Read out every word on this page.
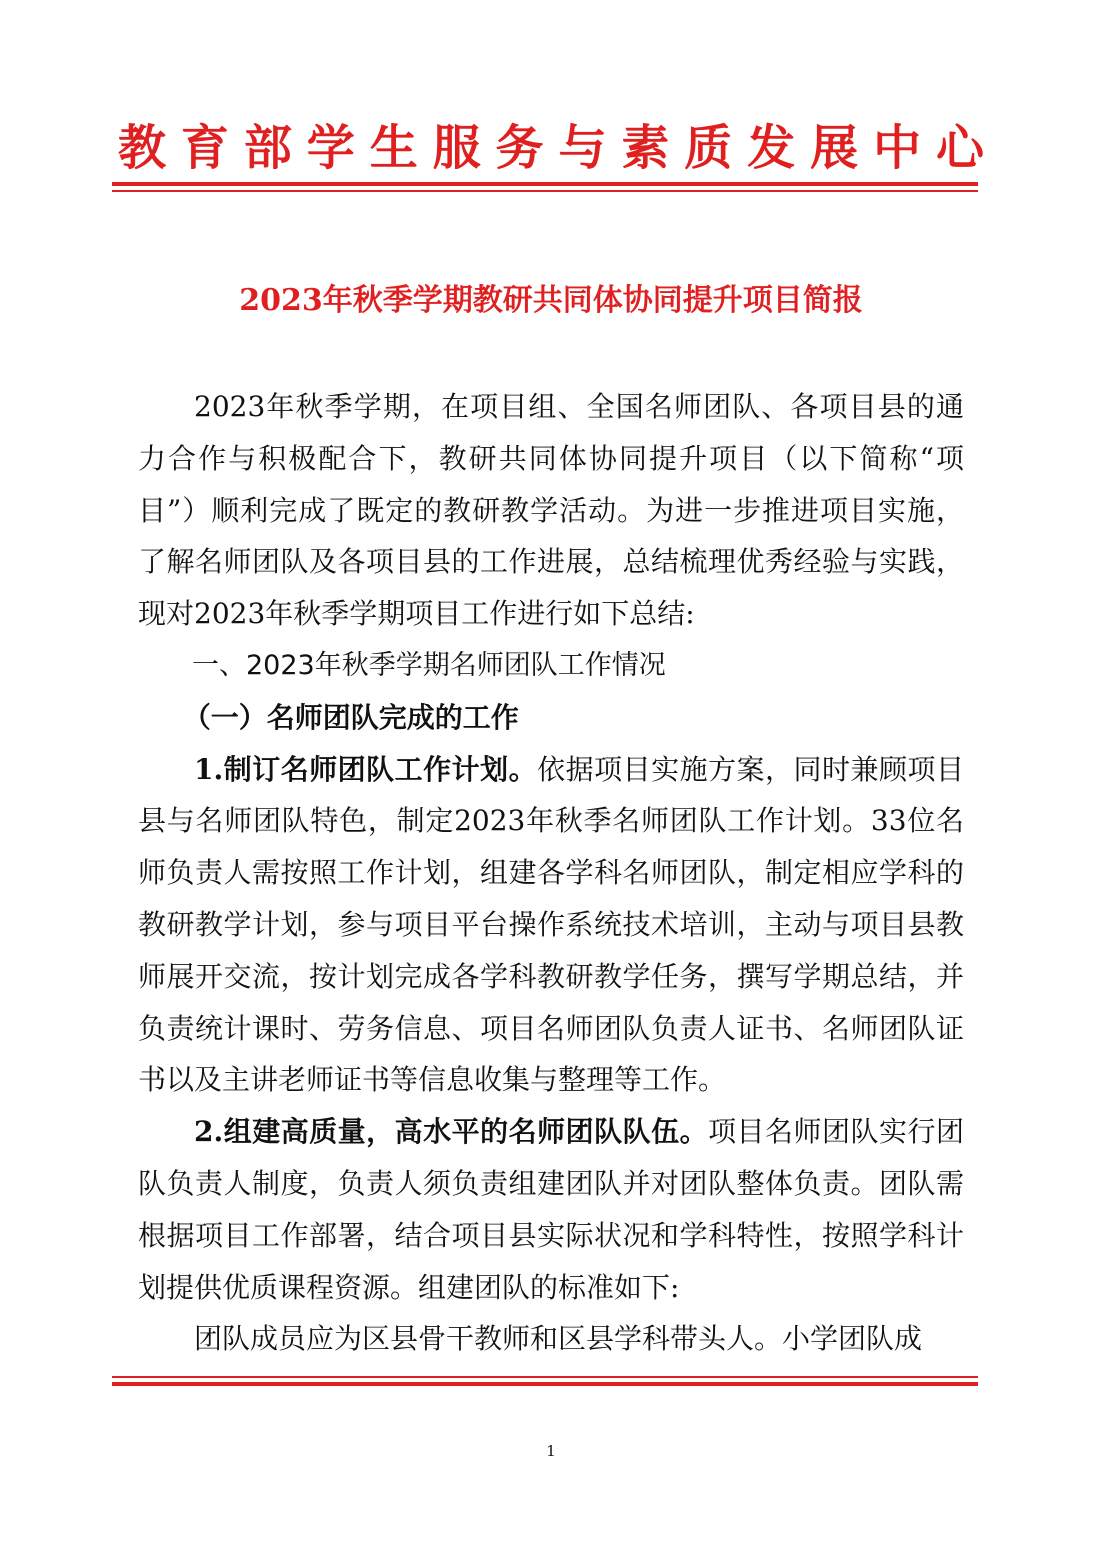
教 育 部 学 生 服 务 与 素 质 发 展 中 心
2023年秋季学期教研共同体协同提升项目简报

2023年秋季学期，在项目组、全国名师团队、各项目县的通力合作与积极配合下，教研共同体协同提升项目（以下简称“项目”）顺利完成了既定的教研教学活动。为进一步推进项目实施，了解名师团队及各项目县的工作进展，总结梳理优秀经验与实践，现对2023年秋季学期项目工作进行如下总结:

一、2023年秋季学期名师团队工作情况

（一）名师团队完成的工作

1.制订名师团队工作计划。依据项目实施方案，同时兼顾项目县与名师团队特色，制定2023年秋季名师团队工作计划。33位名师负责人需按照工作计划，组建各学科名师团队，制定相应学科的教研教学计划，参与项目平台操作系统技术培训，主动与项目县教师展开交流，按计划完成各学科教研教学任务，撰写学期总结，并负责统计课时、劳务信息、项目名师团队负责人证书、名师团队证书以及主讲老师证书等信息收集与整理等工作。

2.组建高质量，高水平的名师团队队伍。项目名师团队实行团队负责人制度，负责人须负责组建团队并对团队整体负责。团队需根据项目工作部署，结合项目县实际状况和学科特性，按照学科计划提供优质课程资源。组建团队的标准如下:

团队成员应为区县骨干教师和区县学科带头人。小学团队成

1
